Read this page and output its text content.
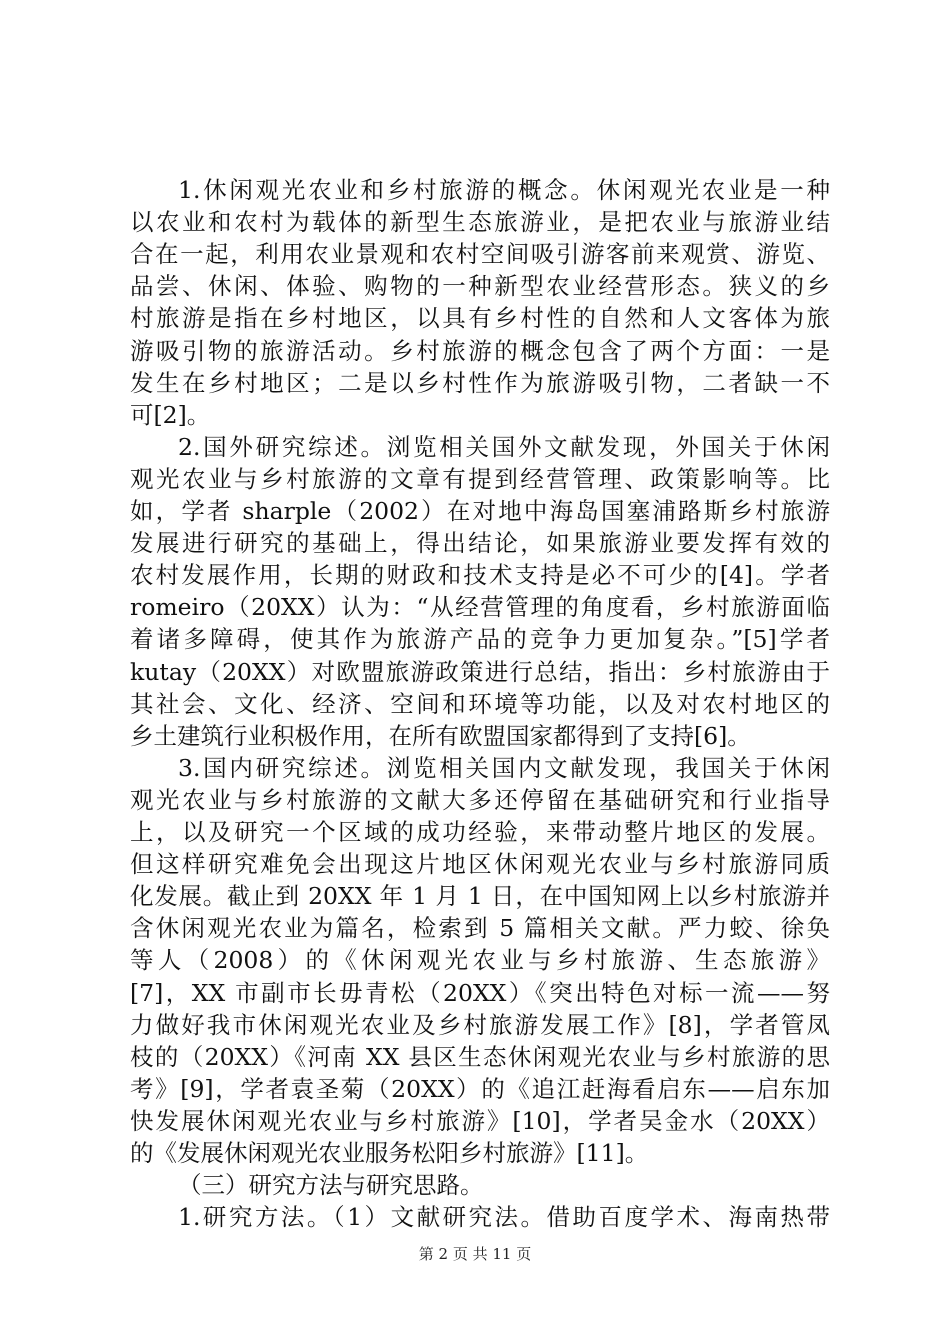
1.休闲观光农业和乡村旅游的概念。休闲观光农业是一种
以农业和农村为载体的新型生态旅游业，是把农业与旅游业结
合在一起，利用农业景观和农村空间吸引游客前来观赏、游览、
品尝、休闲、体验、购物的一种新型农业经营形态。狭义的乡
村旅游是指在乡村地区，以具有乡村性的自然和人文客体为旅
游吸引物的旅游活动。乡村旅游的概念包含了两个方面：一是
发生在乡村地区；二是以乡村性作为旅游吸引物，二者缺一不
可[2]。
2.国外研究综述。浏览相关国外文献发现，外国关于休闲
观光农业与乡村旅游的文章有提到经营管理、政策影响等。比
如，学者 sharple（2002）在对地中海岛国塞浦路斯乡村旅游
发展进行研究的基础上，得出结论，如果旅游业要发挥有效的
农村发展作用，长期的财政和技术支持是必不可少的[4]。学者
romeiro（20XX）认为：“从经营管理的角度看，乡村旅游面临
着诸多障碍，使其作为旅游产品的竞争力更加复杂。”[5]学者
kutay（20XX）对欧盟旅游政策进行总结，指出：乡村旅游由于
其社会、文化、经济、空间和环境等功能，以及对农村地区的
乡土建筑行业积极作用，在所有欧盟国家都得到了支持[6]。
3.国内研究综述。浏览相关国内文献发现，我国关于休闲
观光农业与乡村旅游的文献大多还停留在基础研究和行业指导
上，以及研究一个区域的成功经验，来带动整片地区的发展。
但这样研究难免会出现这片地区休闲观光农业与乡村旅游同质
化发展。截止到 20XX 年 1 月 1 日，在中国知网上以乡村旅游并
含休闲观光农业为篇名，检索到 5 篇相关文献。严力蛟、徐奂
等人（2008）的《休闲观光农业与乡村旅游、生态旅游》
[7]，XX 市副市长毋青松（20XX）《突出特色对标一流——努
力做好我市休闲观光农业及乡村旅游发展工作》[8]，学者管凤
枝的（20XX）《河南 XX 县区生态休闲观光农业与乡村旅游的思
考》[9]，学者袁圣菊（20XX）的《追江赶海看启东——启东加
快发展休闲观光农业与乡村旅游》[10]，学者吴金水（20XX）
的《发展休闲观光农业服务松阳乡村旅游》[11]。
（三）研究方法与研究思路。
1.研究方法。（1）文献研究法。借助百度学术、海南热带
第 2 页 共 11 页
